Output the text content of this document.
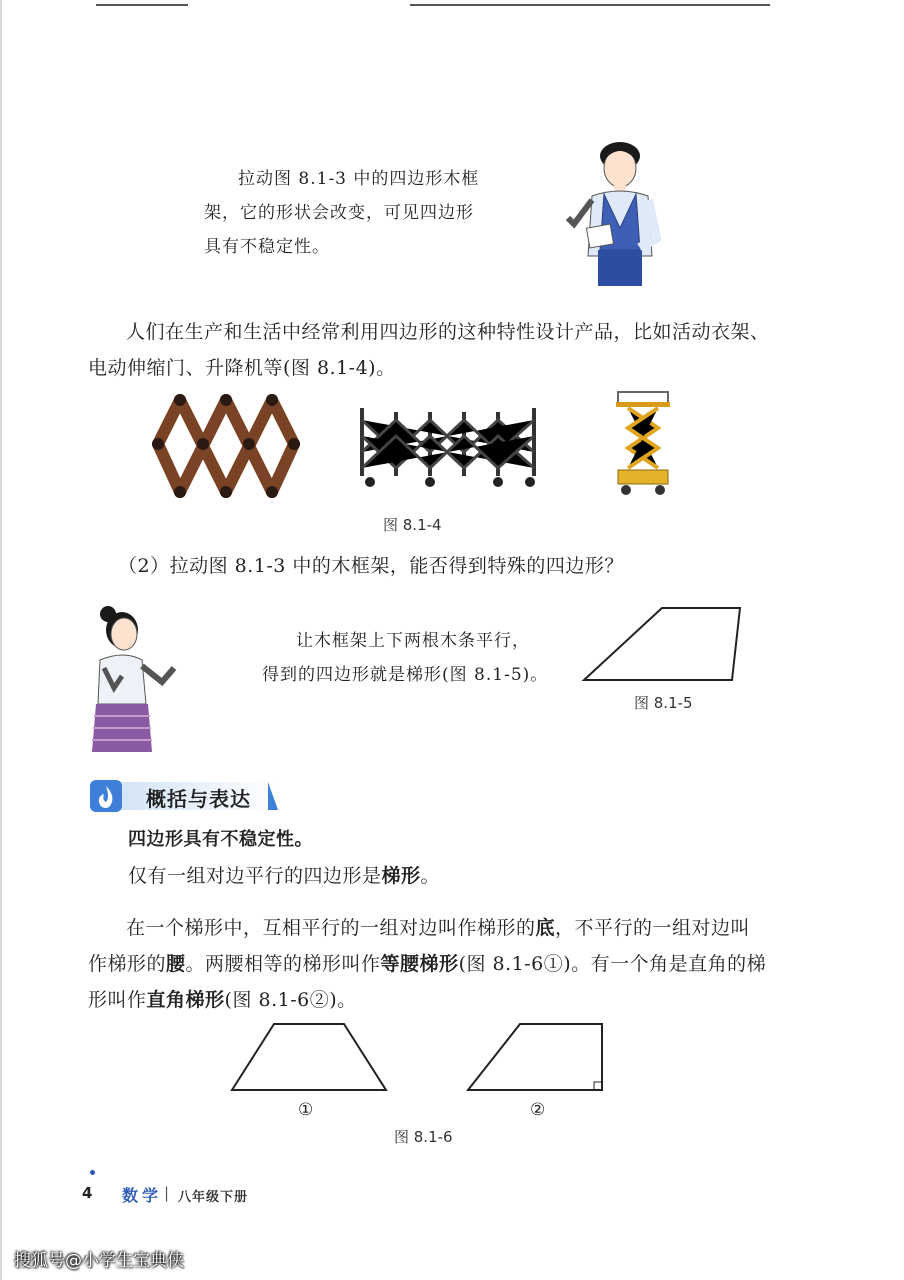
拉动图 8.1-3 中的四边形木框
架，它的形状会改变，可见四边形
具有不稳定性。
人们在生产和生活中经常利用四边形的这种特性设计产品，比如活动衣架、
电动伸缩门、升降机等(图 8.1-4)。
图 8.1-4
（2）拉动图 8.1-3 中的木框架，能否得到特殊的四边形？
让木框架上下两根木条平行，
得到的四边形就是梯形(图 8.1-5)。
图 8.1-5
概括与表达
四边形具有不稳定性。
仅有一组对边平行的四边形是梯形。
在一个梯形中，互相平行的一组对边叫作梯形的底，不平行的一组对边叫
作梯形的腰。两腰相等的梯形叫作等腰梯形(图 8.1-6①)。有一个角是直角的梯
形叫作直角梯形(图 8.1-6②)。
①	②
图 8.1-6
4 数学 | 八年级下册
搜狐号@小学生宝典侠
